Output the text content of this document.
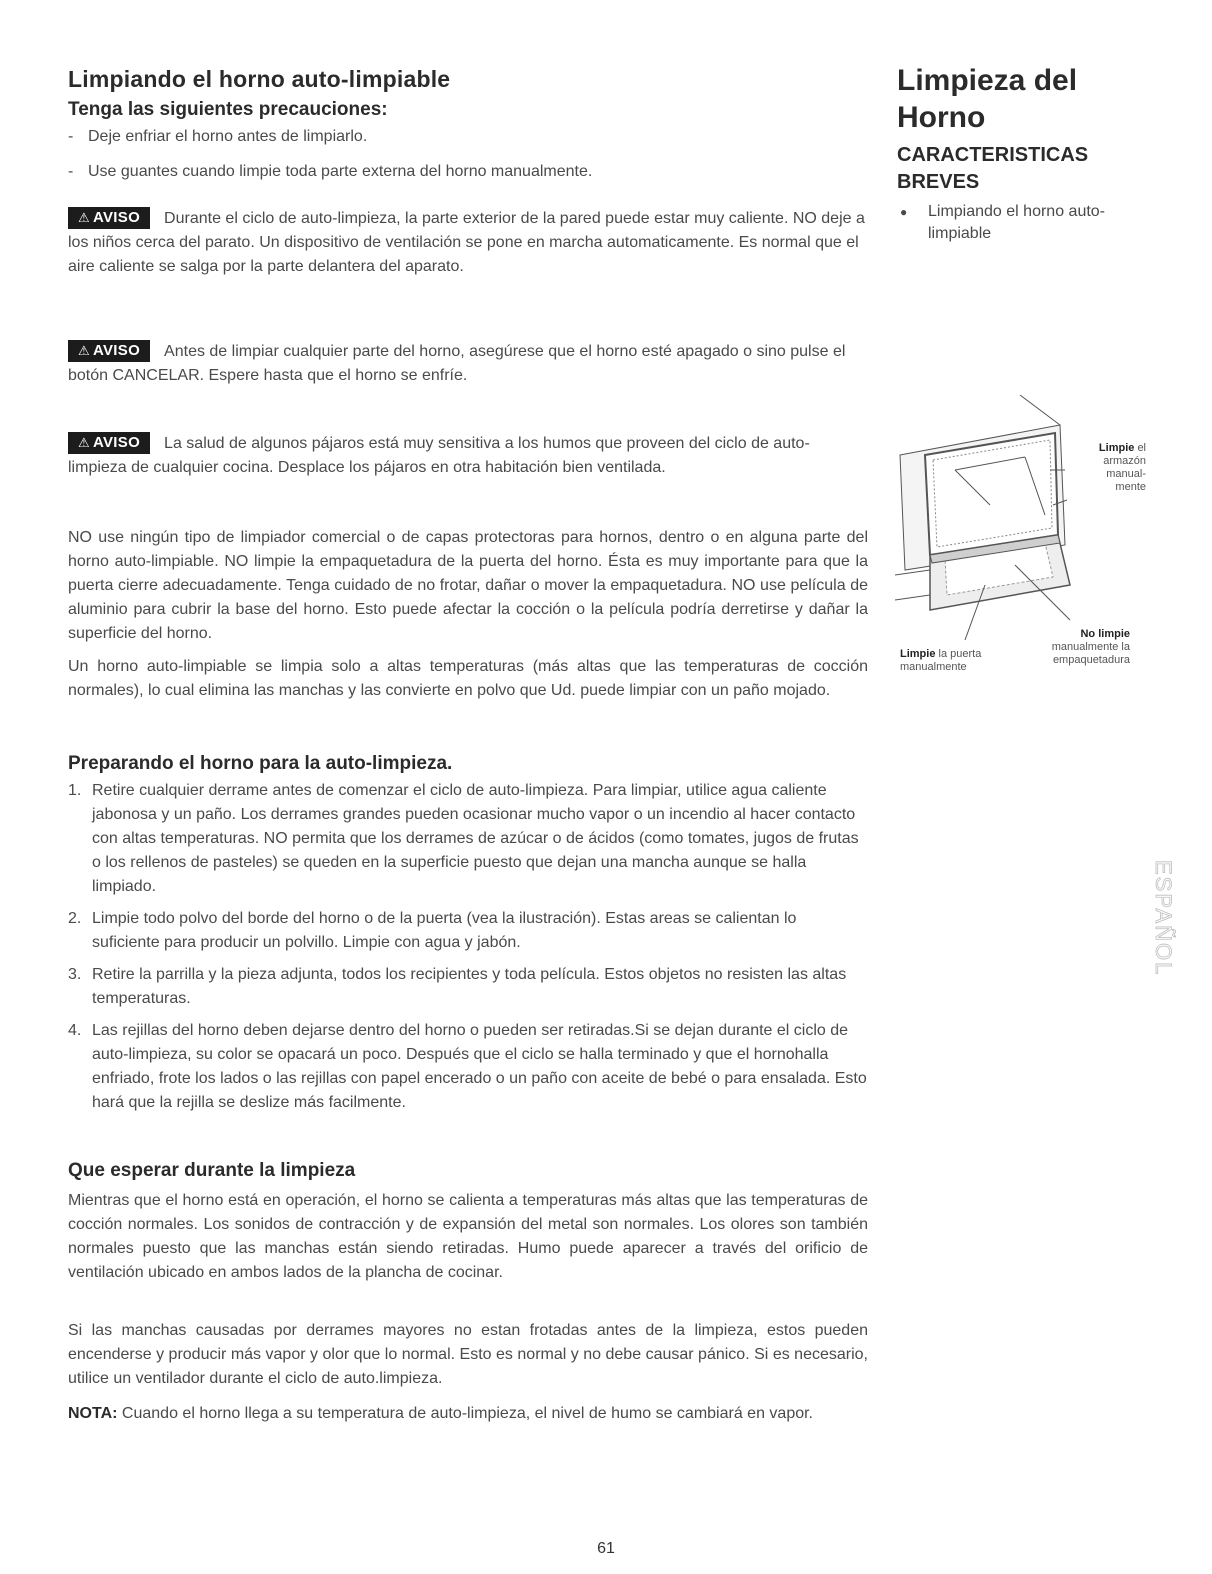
Limpiando el horno auto-limpiable
Tenga las siguientes precauciones:
- Deje enfriar el horno antes de limpiarlo.
- Use guantes cuando limpie toda parte externa del horno manualmente.
⚠ AVISO Durante el ciclo de auto-limpieza, la parte exterior de la pared puede estar muy caliente. NO deje a los niños cerca del parato. Un dispositivo de ventilación se pone en marcha automaticamente. Es normal que el aire caliente se salga por la parte delantera del aparato.
⚠ AVISO Antes de limpiar cualquier parte del horno, asegúrese que el horno esté apagado o sino pulse el botón CANCELAR. Espere hasta que el horno se enfríe.
⚠ AVISO La salud de algunos pájaros está muy sensitiva a los humos que proveen del ciclo de auto- limpieza de cualquier cocina. Desplace los pájaros en otra habitación bien ventilada.
NO use ningún tipo de limpiador comercial o de capas protectoras para hornos, dentro o en alguna parte del horno auto-limpiable. NO limpie la empaquetadura de la puerta del horno. Ésta es muy importante para que la puerta cierre adecuadamente. Tenga cuidado de no frotar, dañar o mover la empaquetadura. NO use película de aluminio para cubrir la base del horno. Esto puede afectar la cocción o la película podría derretirse y dañar la superficie del horno.
Un horno auto-limpiable se limpia solo a altas temperaturas (más altas que las temperaturas de cocción normales), lo cual elimina las manchas y las convierte en polvo que Ud. puede limpiar con un paño mojado.
Preparando el horno para la auto-limpieza.
1. Retire cualquier derrame antes de comenzar el ciclo de auto-limpieza. Para limpiar, utilice agua caliente jabonosa y un paño. Los derrames grandes pueden ocasionar mucho vapor o un incendio al hacer contacto con altas temperaturas. NO permita que los derrames de azúcar o de ácidos (como tomates, jugos de frutas o los rellenos de pasteles) se queden en la superficie puesto que dejan una mancha aunque se halla limpiado.
2. Limpie todo polvo del borde del horno o de la puerta (vea la ilustración). Estas areas se calientan lo suficiente para producir un polvillo. Limpie con agua y jabón.
3. Retire la parrilla y la pieza adjunta, todos los recipientes y toda película. Estos objetos no resisten las altas temperaturas.
4. Las rejillas del horno deben dejarse dentro del horno o pueden ser retiradas.Si se dejan durante el ciclo de auto-limpieza, su color se opacará un poco. Después que el ciclo se halla terminado y que el hornohalla enfriado, frote los lados o las rejillas con papel encerado o un paño con aceite de bebé o para ensalada. Esto hará que la rejilla se deslize más facilmente.
Que esperar durante la limpieza
Mientras que el horno está en operación, el horno se calienta a temperaturas más altas que las temperaturas de cocción normales. Los sonidos de contracción y de expansión del metal son normales. Los olores son también normales puesto que las manchas están siendo retiradas. Humo puede aparecer a través del orificio de ventilación ubicado en ambos lados de la plancha de cocinar.
Si las manchas causadas por derrames mayores no estan frotadas antes de la limpieza, estos pueden encenderse y producir más vapor y olor que lo normal. Esto es normal y no debe causar pánico. Si es necesario, utilice un ventilador durante el ciclo de auto.limpieza.
NOTA: Cuando el horno llega a su temperatura de auto-limpieza, el nivel de humo se cambiará en vapor.
Limpieza del Horno
CARACTERISTICAS BREVES
●	Limpiando el horno auto-limpiable
Limpie el armazón manual-mente
Limpie la puerta manualmente
No limpie manualmente la empaquetadura
ESPAÑOL
61
